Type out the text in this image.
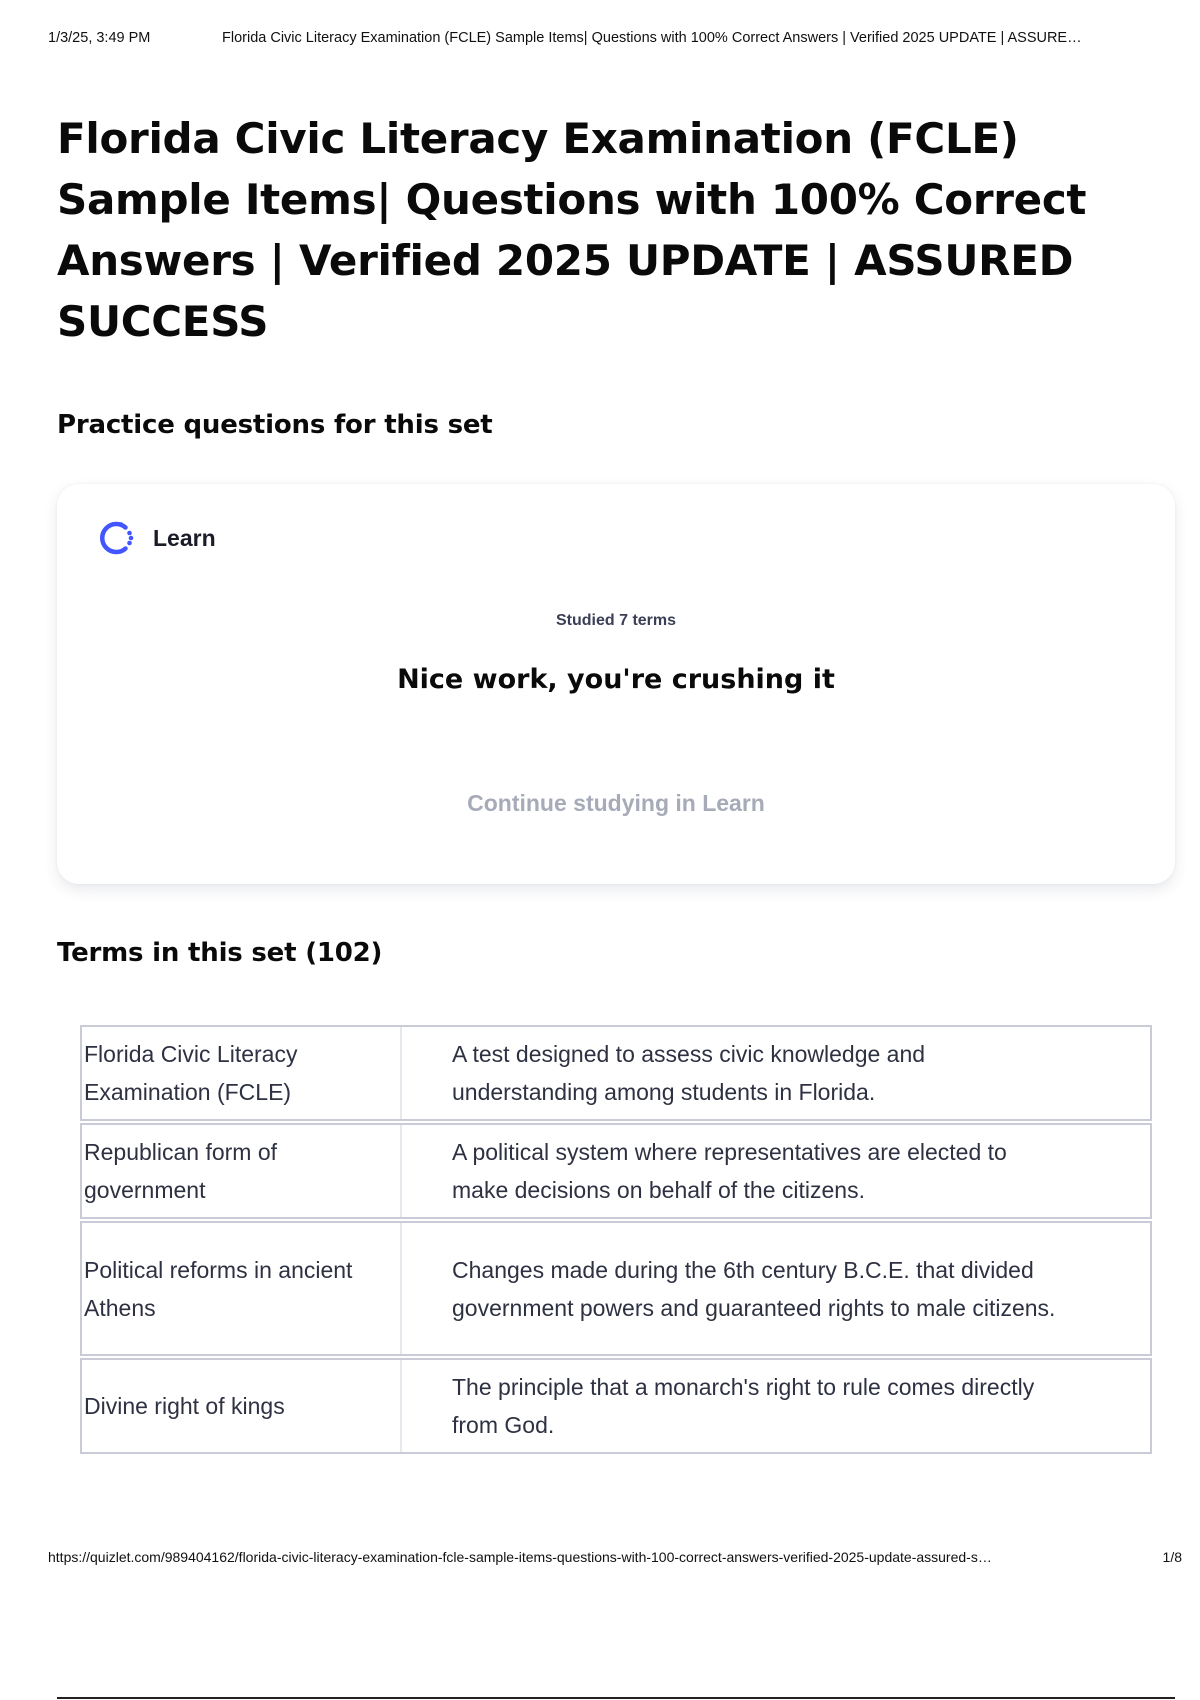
1/3/25, 3:49 PM	Florida Civic Literacy Examination (FCLE) Sample Items| Questions with 100% Correct Answers | Verified 2025 UPDATE | ASSURE…
Florida Civic Literacy Examination (FCLE) Sample Items| Questions with 100% Correct Answers | Verified 2025 UPDATE | ASSURED SUCCESS
Practice questions for this set
Learn
Studied 7 terms
Nice work, you're crushing it
Continue studying in Learn
Terms in this set (102)
Florida Civic Literacy Examination (FCLE)
A test designed to assess civic knowledge and understanding among students in Florida.
Republican form of government
A political system where representatives are elected to make decisions on behalf of the citizens.
Political reforms in ancient Athens
Changes made during the 6th century B.C.E. that divided government powers and guaranteed rights to male citizens.
Divine right of kings
The principle that a monarch's right to rule comes directly from God.
https://quizlet.com/989404162/florida-civic-literacy-examination-fcle-sample-items-questions-with-100-correct-answers-verified-2025-update-assured-s…	1/8
